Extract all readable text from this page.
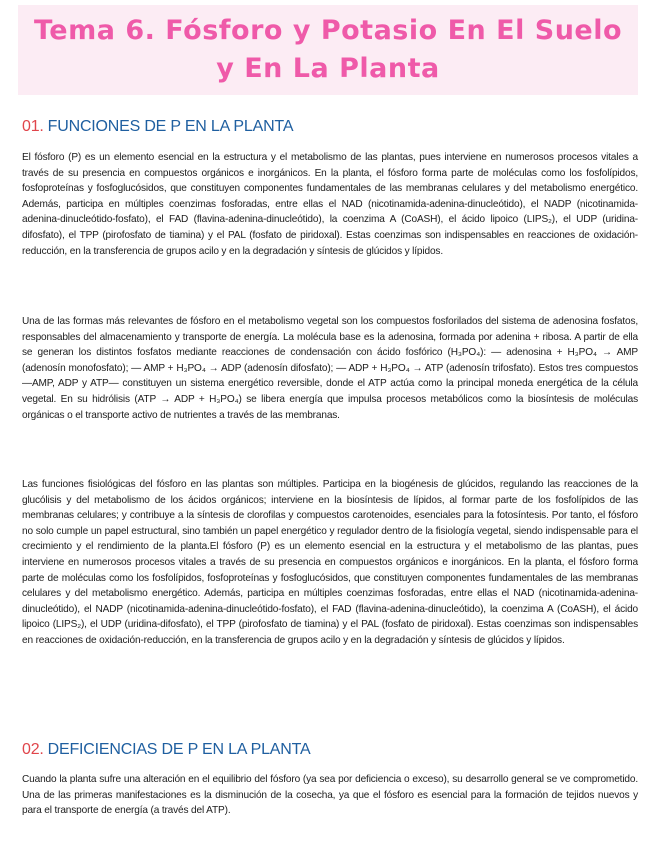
Tema 6. Fósforo y Potasio En El Suelo
y En La Planta
01. FUNCIONES DE P EN LA PLANTA

El fósforo (P) es un elemento esencial en la estructura y el metabolismo de las plantas, pues interviene en numerosos procesos vitales a través de su presencia en compuestos orgánicos e inorgánicos. En la planta, el fósforo forma parte de moléculas como los fosfolípidos, fosfoproteínas y fosfoglucósidos, que constituyen componentes fundamentales de las membranas celulares y del metabolismo energético. Además, participa en múltiples coenzimas fosforadas, entre ellas el NAD (nicotinamida-adenina-dinucleótido), el NADP (nicotinamida-adenina-dinucleótido-fosfato), el FAD (flavina-adenina-dinucleótido), la coenzima A (CoASH), el ácido lipoico (LIPS₂), el UDP (uridina-difosfato), el TPP (pirofosfato de tiamina) y el PAL (fosfato de piridoxal). Estas coenzimas son indispensables en reacciones de oxidación-reducción, en la transferencia de grupos acilo y en la degradación y síntesis de glúcidos y lípidos.

Una de las formas más relevantes de fósforo en el metabolismo vegetal son los compuestos fosforilados del sistema de adenosina fosfatos, responsables del almacenamiento y transporte de energía. La molécula base es la adenosina, formada por adenina + ribosa. A partir de ella se generan los distintos fosfatos mediante reacciones de condensación con ácido fosfórico (H₃PO₄): — adenosina + H₃PO₄ → AMP (adenosín monofosfato); — AMP + H₃PO₄ → ADP (adenosín difosfato); — ADP + H₃PO₄ → ATP (adenosín trifosfato). Estos tres compuestos —AMP, ADP y ATP— constituyen un sistema energético reversible, donde el ATP actúa como la principal moneda energética de la célula vegetal. En su hidrólisis (ATP → ADP + H₃PO₄) se libera energía que impulsa procesos metabólicos como la biosíntesis de moléculas orgánicas o el transporte activo de nutrientes a través de las membranas.

Las funciones fisiológicas del fósforo en las plantas son múltiples. Participa en la biogénesis de glúcidos, regulando las reacciones de la glucólisis y del metabolismo de los ácidos orgánicos; interviene en la biosíntesis de lípidos, al formar parte de los fosfolípidos de las membranas celulares; y contribuye a la síntesis de clorofilas y compuestos carotenoides, esenciales para la fotosíntesis. Por tanto, el fósforo no solo cumple un papel estructural, sino también un papel energético y regulador dentro de la fisiología vegetal, siendo indispensable para el crecimiento y el rendimiento de la planta.El fósforo (P) es un elemento esencial en la estructura y el metabolismo de las plantas, pues interviene en numerosos procesos vitales a través de su presencia en compuestos orgánicos e inorgánicos. En la planta, el fósforo forma parte de moléculas como los fosfolípidos, fosfoproteínas y fosfoglucósidos, que constituyen componentes fundamentales de las membranas celulares y del metabolismo energético. Además, participa en múltiples coenzimas fosforadas, entre ellas el NAD (nicotinamida-adenina-dinucleótido), el NADP (nicotinamida-adenina-dinucleótido-fosfato), el FAD (flavina-adenina-dinucleótido), la coenzima A (CoASH), el ácido lipoico (LIPS₂), el UDP (uridina-difosfato), el TPP (pirofosfato de tiamina) y el PAL (fosfato de piridoxal). Estas coenzimas son indispensables en reacciones de oxidación-reducción, en la transferencia de grupos acilo y en la degradación y síntesis de glúcidos y lípidos.

02. DEFICIENCIAS DE P EN LA PLANTA

Cuando la planta sufre una alteración en el equilibrio del fósforo (ya sea por deficiencia o exceso), su desarrollo general se ve comprometido. Una de las primeras manifestaciones es la disminución de la cosecha, ya que el fósforo es esencial para la formación de tejidos nuevos y para el transporte de energía (a través del ATP).
